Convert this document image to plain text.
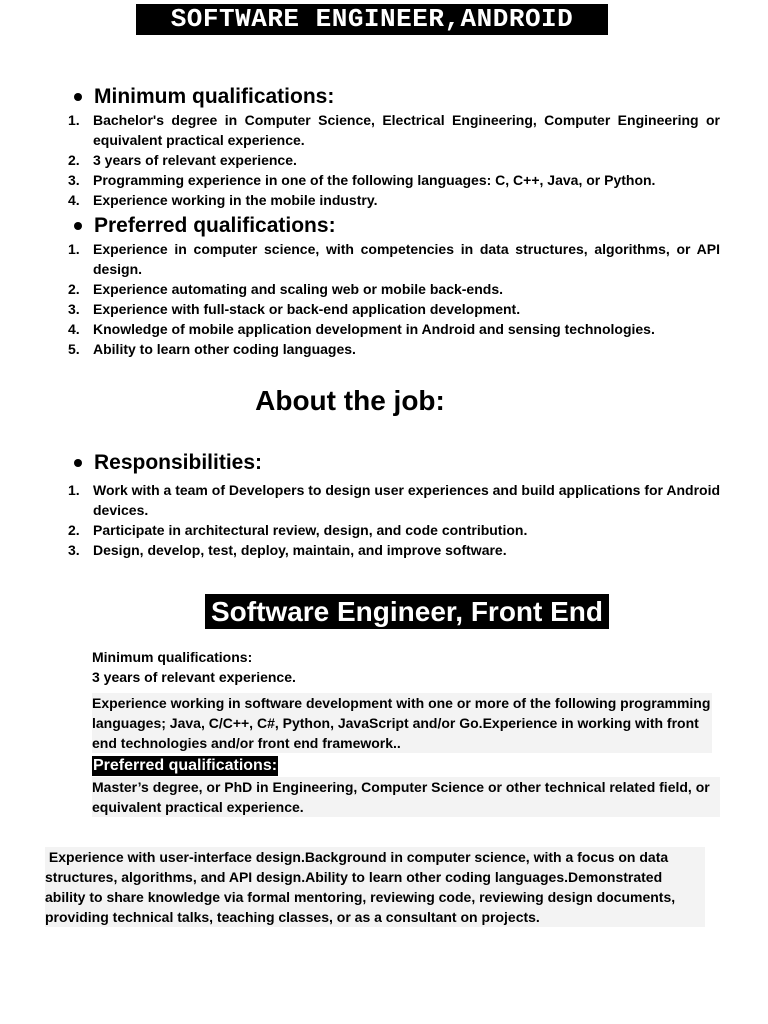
SOFTWARE ENGINEER,ANDROID
Minimum qualifications:
1. Bachelor's degree in Computer Science, Electrical Engineering, Computer Engineering or equivalent practical experience.
2. 3 years of relevant experience.
3. Programming experience in one of the following languages: C, C++, Java, or Python.
4. Experience working in the mobile industry.
Preferred qualifications:
1. Experience in computer science, with competencies in data structures, algorithms, or API design.
2. Experience automating and scaling web or mobile back-ends.
3. Experience with full-stack or back-end application development.
4. Knowledge of mobile application development in Android and sensing technologies.
5. Ability to learn other coding languages.
About the job:
Responsibilities:
1. Work with a team of Developers to design user experiences and build applications for Android devices.
2. Participate in architectural review, design, and code contribution.
3. Design, develop, test, deploy, maintain, and improve software.
Software Engineer, Front End
Minimum qualifications:
3 years of relevant experience.
Experience working in software development with one or more of the following programming languages; Java, C/C++, C#, Python, JavaScript and/or Go.Experience in working with front end technologies and/or front end framework..
Preferred qualifications:
Master’s degree, or PhD in Engineering, Computer Science or other technical related field, or equivalent practical experience.
Experience with user-interface design.Background in computer science, with a focus on data structures, algorithms, and API design.Ability to learn other coding languages.Demonstrated ability to share knowledge via formal mentoring, reviewing code, reviewing design documents, providing technical talks, teaching classes, or as a consultant on projects.
